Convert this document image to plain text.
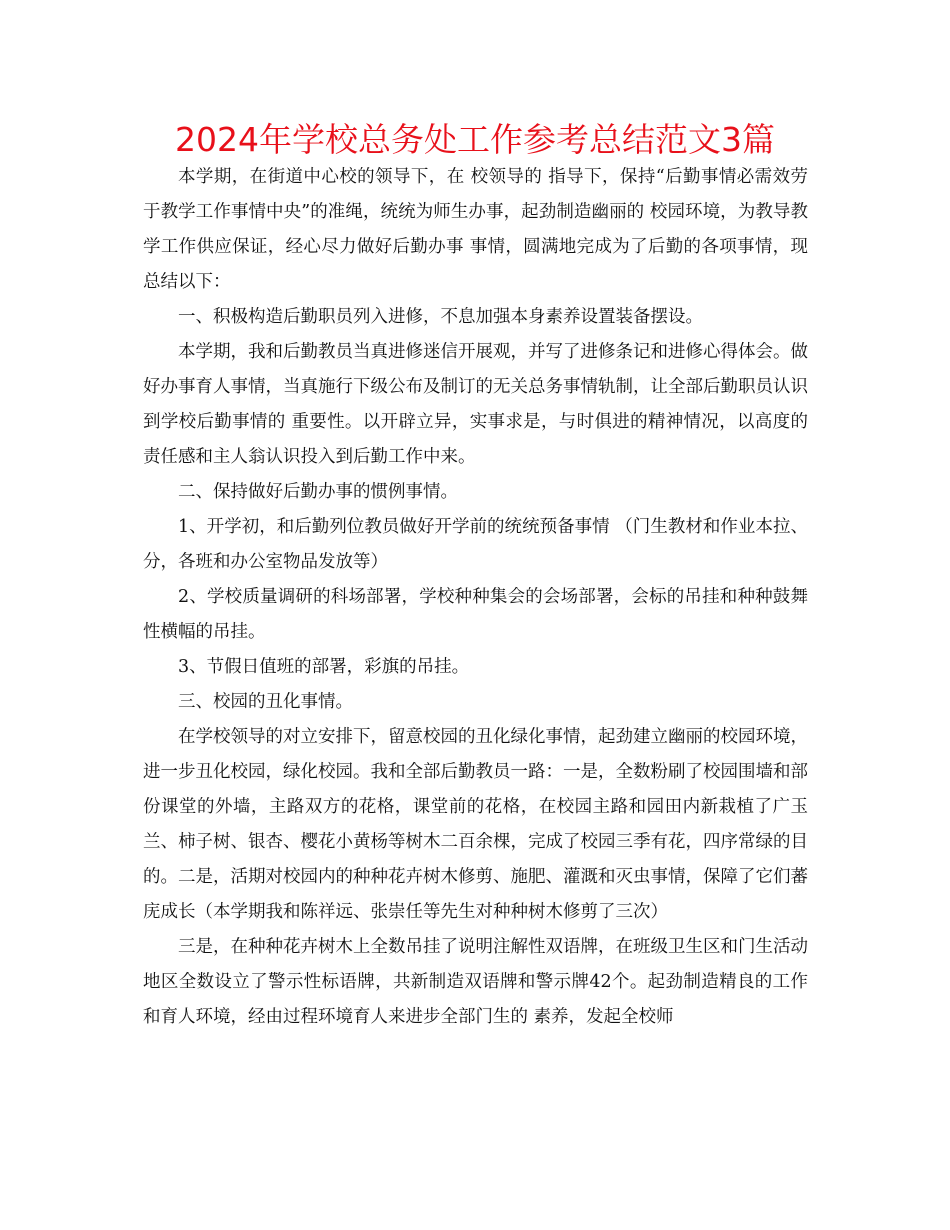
2024年学校总务处工作参考总结范文3篇

本学期，在街道中心校的领导下，在 校领导的 指导下，保持“后勤事情必需效劳于教学工作事情中央”的准绳，统统为师生办事，起劲制造幽丽的 校园环境，为教导教学工作供应保证，经心尽力做好后勤办事 事情，圆满地完成为了后勤的各项事情，现总结以下：

一、积极构造后勤职员列入进修，不息加强本身素养设置装备摆设。

本学期，我和后勤教员当真进修迷信开展观，并写了进修条记和进修心得体会。做好办事育人事情，当真施行下级公布及制订的无关总务事情轨制，让全部后勤职员认识到学校后勤事情的 重要性。以开辟立异，实事求是，与时俱进的精神情况，以高度的 责任感和主人翁认识投入到后勤工作中来。

二、保持做好后勤办事的惯例事情。

1、开学初，和后勤列位教员做好开学前的统统预备事情 （门生教材和作业本拉、分，各班和办公室物品发放等）

2、学校质量调研的科场部署，学校种种集会的会场部署，会标的吊挂和种种鼓舞性横幅的吊挂。

3、节假日值班的部署，彩旗的吊挂。

三、校园的丑化事情。

在学校领导的对立安排下，留意校园的丑化绿化事情，起劲建立幽丽的校园环境，进一步丑化校园，绿化校园。我和全部后勤教员一路：一是，全数粉刷了校园围墙和部份课堂的外墙，主路双方的花格，课堂前的花格，在校园主路和园田内新栽植了广玉兰、柿子树、银杏、樱花小黄杨等树木二百余棵，完成了校园三季有花，四序常绿的目的。二是，活期对校园内的种种花卉树木修剪、施肥、灌溉和灭虫事情，保障了它们蕃庑成长（本学期我和陈祥远、张崇任等先生对种种树木修剪了三次）

三是，在种种花卉树木上全数吊挂了说明注解性双语牌，在班级卫生区和门生活动地区全数设立了警示性标语牌，共新制造双语牌和警示牌42个。起劲制造精良的工作和育人环境，经由过程环境育人来进步全部门生的 素养，发起全校师
